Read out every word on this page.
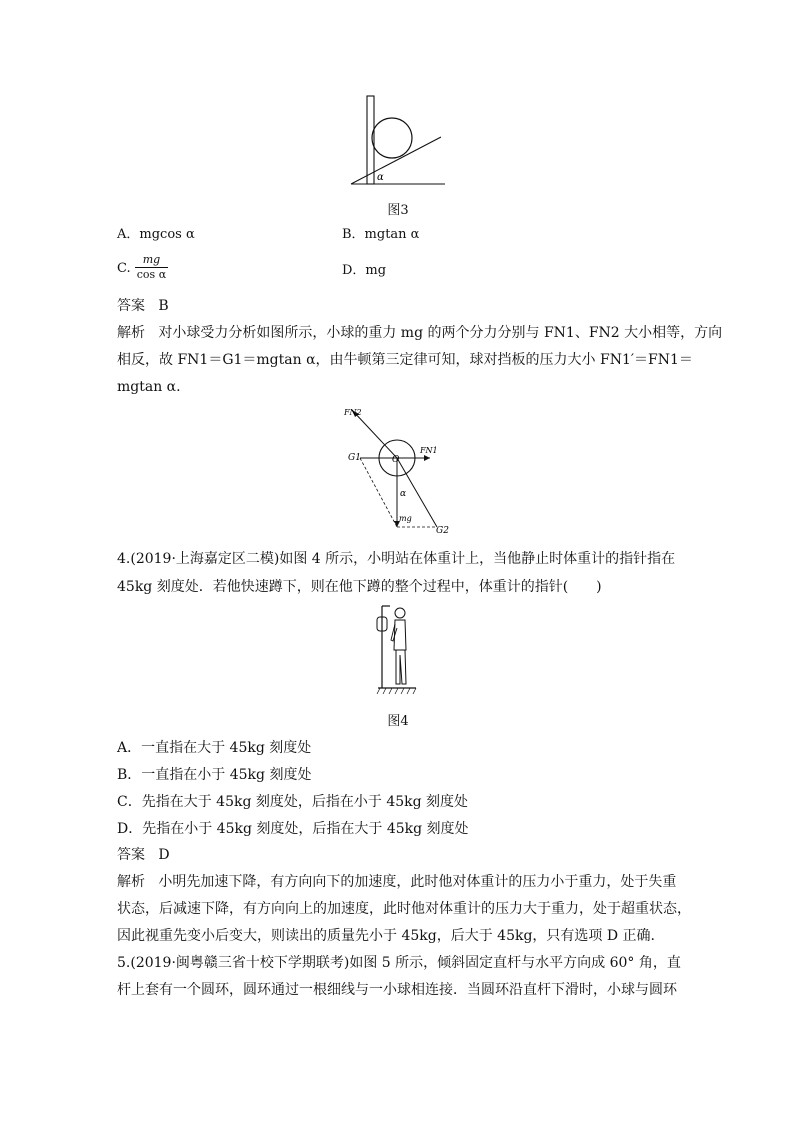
α
图3
A．mgcos α	B．mgtan α
C. $\frac{mg}{\text{cos α}}$	D．mg
答案 B
解析 对小球受力分析如图所示，小球的重力 mg 的两个分力分别与 FN1、FN2 大小相等，方向
相反，故 FN1＝G1＝mgtan α，由牛顿第三定律可知，球对挡板的压力大小 FN1′＝FN1＝
mgtan α.
FN2
G1	O
FN1
α
mg
G2
4.(2019·上海嘉定区二模)如图 4 所示，小明站在体重计上，当他静止时体重计的指针指在
45kg 刻度处．若他快速蹲下，则在他下蹲的整个过程中，体重计的指针(　　)
图4
A．一直指在大于 45kg 刻度处
B．一直指在小于 45kg 刻度处
C．先指在大于 45kg 刻度处，后指在小于 45kg 刻度处
D．先指在小于 45kg 刻度处，后指在大于 45kg 刻度处
答案 D
解析 小明先加速下降，有方向向下的加速度，此时他对体重计的压力小于重力，处于失重
状态，后减速下降，有方向向上的加速度，此时他对体重计的压力大于重力，处于超重状态，
因此视重先变小后变大，则读出的质量先小于 45kg，后大于 45kg，只有选项 D 正确.
5.(2019·闽粤赣三省十校下学期联考)如图 5 所示，倾斜固定直杆与水平方向成 60° 角，直
杆上套有一个圆环，圆环通过一根细线与一小球相连接．当圆环沿直杆下滑时，小球与圆环
